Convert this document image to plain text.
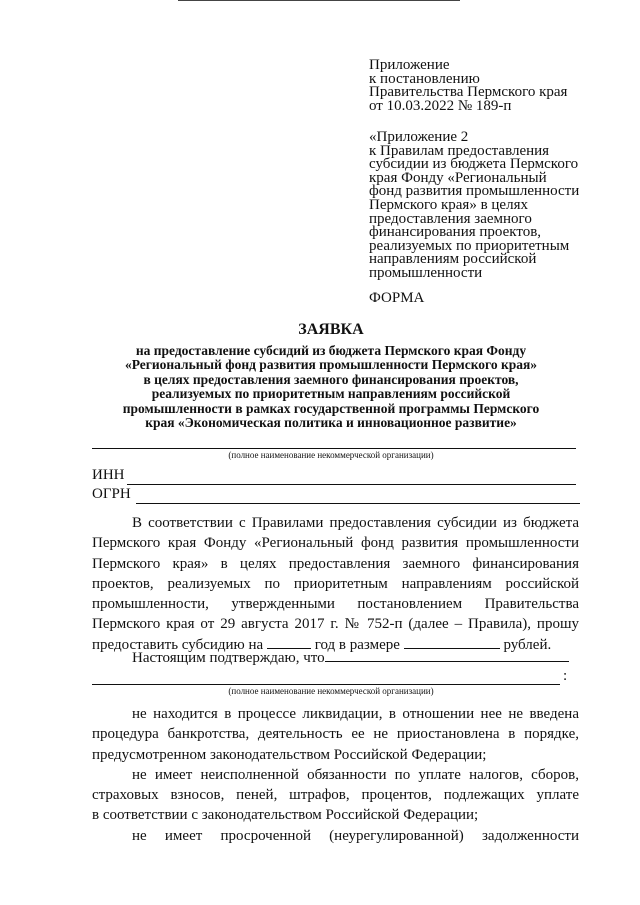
Приложение
к постановлению
Правительства Пермского края
от 10.03.2022 № 189-п
«Приложение 2
к Правилам предоставления
субсидии из бюджета Пермского
края Фонду «Региональный
фонд развития промышленности
Пермского края» в целях
предоставления заемного
финансирования проектов,
реализуемых по приоритетным
направлениям российской
промышленности
ФОРМА
ЗАЯВКА
на предоставление субсидий из бюджета Пермского края Фонду
«Региональный фонд развития промышленности Пермского края»
в целях предоставления заемного финансирования проектов,
реализуемых по приоритетным направлениям российской
промышленности в рамках государственной программы Пермского
края «Экономическая политика и инновационное развитие»
(полное наименование некоммерческой организации)
ИНН
ОГРН
В соответствии с Правилами предоставления субсидии из бюджета
Пермского края Фонду «Региональный фонд развития промышленности
Пермского края» в целях предоставления заемного финансирования
проектов, реализуемых по приоритетным направлениям российской
промышленности, утвержденными постановлением Правительства
Пермского края от 29 августа 2017 г. № 752-п (далее – Правила), прошу
предоставить субсидию на	год в размере	рублей.
Настоящим подтверждаю, что
:
(полное наименование некоммерческой организации)
не находится в процессе ликвидации, в отношении нее не введена
процедура банкротства, деятельность ее не приостановлена в порядке,
предусмотренном законодательством Российской Федерации;
не имеет неисполненной обязанности по уплате налогов, сборов,
страховых взносов, пеней, штрафов, процентов, подлежащих уплате
в соответствии с законодательством Российской Федерации;
не имеет просроченной (неурегулированной) задолженности
